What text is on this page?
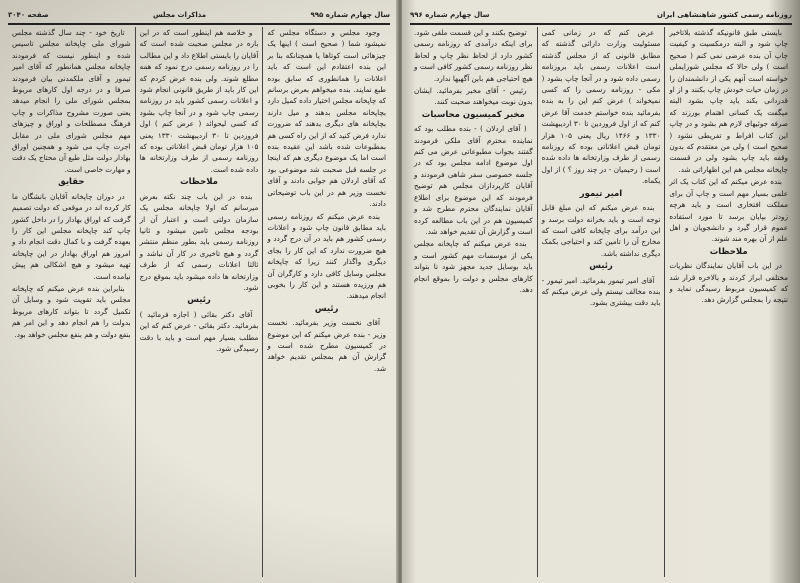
سال چهارم شماره ۹۹۵
مذاکرات مجلس
صفحه ۳۰۴۰

وجود مجلس و دستگاه مجلس که نمیشود شما ( صحیح است ) اینها یک چیزهائی است کوتاها یا همچنانکه بنا بر این بنده اعتقادم این است که باید اعلانات را همانطوری که سابق بوده طبع نمایند. بنده میخواهم بعرض برسانم که چاپخانه مجلس اختیار داده کمیل دارد بچاپخانه مجلس بدهند و میل دارند بچاپخانه های دیگری بدهند که ضرورت ندارد فرض کنید که از این راه کسی هم بمطبوعات شده باشد این عقیده بنده است اما یک موضوع دیگری هم که اینجا در جلسه قبل صحبت شد موضوعی بود که آقای اردلان هم جوابی دادند و آقای نخست وزیر هم در این باب توضیحاتی دادند.

بنده عرض میکنم که روزنامه رسمی باید مطابق قانون چاپ شود و اعلانات رسمی کشور هم باید در آن درج گردد و هیچ ضرورت ندارد که این کار را بجای دیگری واگذار کنند زیرا که چاپخانه مجلس وسایل کافی دارد و کارگران آن هم ورزیده هستند و این کار را بخوبی انجام میدهند.

رئیس

آقای نخست وزیر بفرمائید. نخست وزیر - بنده عرض میکنم که این موضوع در کمیسیون مطرح شده است و گزارش آن هم بمجلس تقدیم خواهد شد.

و خلاصه هم اینطور است که در این باره در مجلس صحبت شده است که آقایان را بایستی اطلاع داد و این مطالب را در روزنامه رسمی درج نمود که همه مطلع شوند. ولی بنده عرض کردم که این کار باید از طریق قانونی انجام شود و اعلانات رسمی کشور باید در روزنامه رسمی چاپ شود و در آنجا چاپ بشود که کسی لیحوائد ( عرض کنم ) اول فروردین تا ۳۰ اردیبهشت ۱۳۳۰ یعنی ۱۰۵ هزار تومان قبض اعلاناتی بوده که روزنامه رسمی از طرف وزارتخانه ها داده شده است.

ملاحظات

بنده در این باب چند نکته بعرض میرسانم که اولا چاپخانه مجلس یک سازمان دولتی است و اعتبار آن از بودجه مجلس تامین میشود و ثانیا روزنامه رسمی باید بطور منظم منتشر گردد و هیچ تاخیری در کار آن نباشد و ثالثا اعلانات رسمی که از طرف وزارتخانه ها داده میشود باید بموقع درج شود.

رئیس

آقای دکتر بقائی ( اجازه فرمائید ) بفرمائید. دکتر بقائی - عرض کنم که این مطلب بسیار مهم است و باید با دقت رسیدگی شود.

تاریخ خود - چند سال گذشته مجلس شورای ملی چاپخانه مجلس تاسیس شده و اینطور نیست که فرمودند چاپخانه مجلس همانطور که آقای امیر تیمور و آقای ملکمدنی بیان فرمودند صرفا و در درجه اول کارهای مربوط بمجلس شورای ملی را انجام میدهد یعنی صورت مشروح مذاکرات و چاپ فرهنگ مصطلحات و اوراق و چیزهای مهم مجلس شورای ملی در مقابل اجرت چاپ می شود و همچنین اوراق بهادار دولت مثل طبع آن محتاج یک دقت و مهارت خاصی است.

حقایق

در دوران چاپخانه آقایان بانشگان ما کار کرده اند در موقعی که دولت تصمیم گرفت که اوراق بهادار را در داخل کشور چاپ کند چاپخانه مجلس این کار را بعهده گرفت و با کمال دقت انجام داد و امروز هم اوراق بهادار در این چاپخانه تهیه میشود و هیچ اشکالی هم پیش نیامده است.

بنابراین بنده عرض میکنم که چاپخانه مجلس باید تقویت شود و وسایل آن تکمیل گردد تا بتواند کارهای مربوط بدولت را هم انجام دهد و این امر هم بنفع دولت و هم بنفع مجلس خواهد بود.

روزنامه رسمی کشور شاهنشاهی ایران
سال چهارم شماره ۹۹۶

بایستی طبق قانونیکه گذشته بلاتاخیر چاپ شود و البته درمکسیت و کیفیت چاپ آن بنده عرضی نمی کنم ( صحیح است ) ولی حالا که مجلس شورایملی خواسته است آنهم یکی از دانشمندان را در زمان حیات خودش چاپ بکنند و از او قدردانی بکند باید چاپ بشود البته میگفت یک کسانی اهتمام بورزند که صرفه جوئیهای لازم هم بشود و در چاپ این کتاب افراط و تفریطی نشود ( صحیح است ) ولی من معتقدم که بدون وقفه باید چاپ بشود ولی در قسمت چاپخانه مجلس هم این اظهاراتی شد.

بنده عرض میکنم که این کتاب یک اثر علمی بسیار مهم است و چاپ آن برای مملکت افتخاری است و باید هرچه زودتر بپایان برسد تا مورد استفاده عموم قرار گیرد و دانشجویان و اهل علم از آن بهره مند شوند.

ملاحظات

در این باب آقایان نمایندگان نظریات مختلفی ابراز کردند و بالاخره قرار شد که کمیسیون مربوط رسیدگی نماید و نتیجه را بمجلس گزارش دهد.

عرض کنم که در زمانی کمی مسئولیت وزارت دارائی گذشته که مطابق قانونی که از مجلس گذشته است اعلانات رسمی باید بروزنامه رسمی داده شود و در آنجا چاپ بشود ( مکی - روزنامه رسمی را که کسی نمیخواند ) عرض کنم این را به بنده بفرمائید بنده خواستم خدمت آقا عرض کنم که از اول فروردین تا ۳۰ اردیبهشت ۱۳۳۰ و ۱۴۶۶ ریال یعنی ۱۰۵ هزار تومان قبض اعلاناتی بوده که روزنامه رسمی از طرف وزارتخانه ها داده شده است ( رحیمیان - در چند روز ؟ ) از اول یکماه.

امیر تیمور

بنده عرض میکنم که این مبلغ قابل توجه است و باید بخزانه دولت برسد و این درآمد برای چاپخانه کافی است که مخارج آن را تامین کند و احتیاجی بکمک دیگری نداشته باشد.

رئیس

آقای امیر تیمور بفرمائید. امیر تیمور - بنده مخالف نیستم ولی عرض میکنم که باید دقت بیشتری بشود.

توضیح بکنند و این قسمت ملغی شود. برای اینکه درآمدی که روزنامه رسمی کشور دارد از لحاظ نظر چاپ و لحاظ نظر روزنامه رسمی کشور کافی است و هیچ احتیاجی هم باین آگهیها ندارد.

رئیس - آقای مخبر بفرمائید. ایشان بدون نوبت میخواهند صحبت کنند.

مخبر کمیسیون محاسبات

( آقای اردلان ) - بنده مطلب بود که نماینده محترم آقای ملکی فرمودند گفتند بجواب مطبوعاتی عرض می کنم اول موضوع ادامه مجلس بود که در جلسه خصوصی سفر شاهی فرمودند و آقایان کارپردازان مجلس هم توضیح فرمودند که این موضوع برای اطلاع آقایان نمایندگان محترم مطرح شد و کمیسیون هم در این باب مطالعه کرده است و گزارش آن تقدیم خواهد شد.

بنده عرض میکنم که چاپخانه مجلس یکی از موسسات مهم کشور است و باید بوسایل جدید مجهز شود تا بتواند کارهای مجلس و دولت را بموقع انجام دهد.
